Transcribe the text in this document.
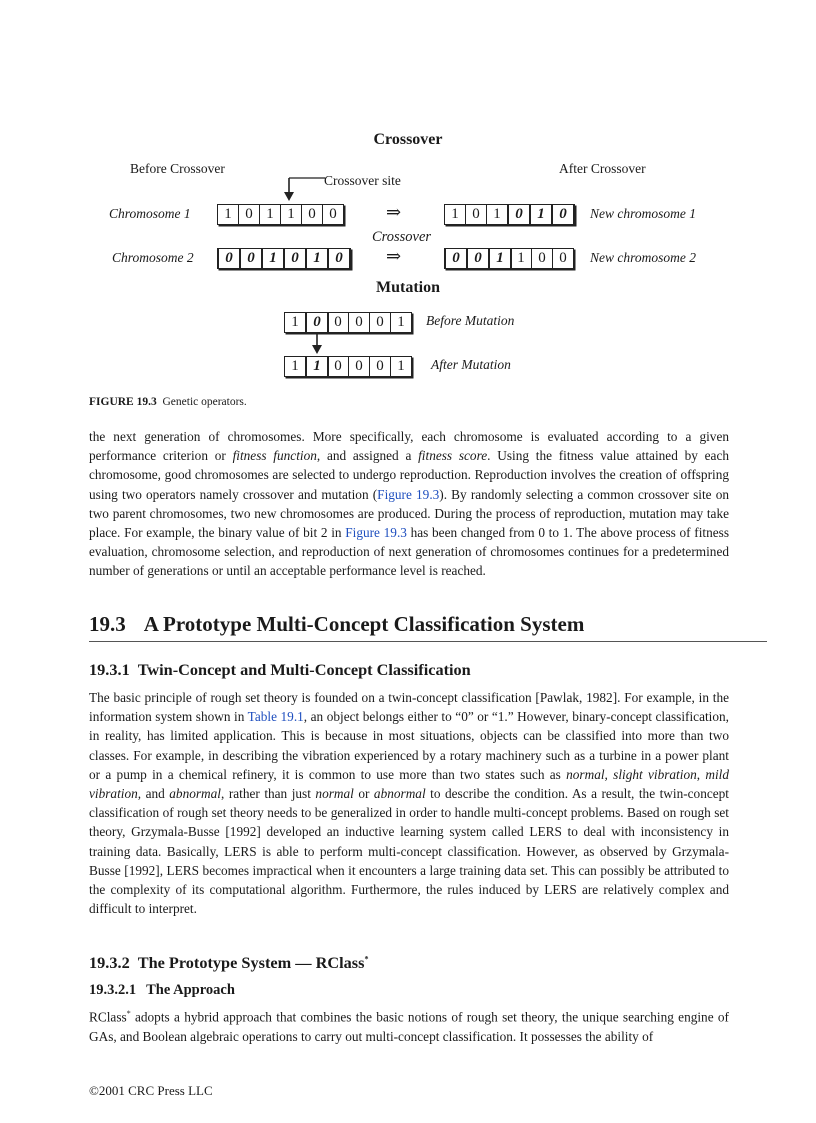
Crossover
Before Crossover	After Crossover
Crossover site
Chromosome 1	1 0 1 1 0 0	⇒	1 0 1 0 1 0	New chromosome 1
Crossover
Chromosome 2	0 0 1 0 1 0	⇒	0 0 1 1 0 0	New chromosome 2
Mutation
1 0 0 0 0 1	Before Mutation
1 1 0 0 0 1	After Mutation
FIGURE 19.3 Genetic operators.
the next generation of chromosomes. More specifically, each chromosome is evaluated according to a given performance criterion or fitness function, and assigned a fitness score. Using the fitness value attained by each chromosome, good chromosomes are selected to undergo reproduction. Reproduction involves the creation of offspring using two operators namely crossover and mutation (Figure 19.3). By randomly selecting a common crossover site on two parent chromosomes, two new chromosomes are produced. During the process of reproduction, mutation may take place. For example, the binary value of bit 2 in Figure 19.3 has been changed from 0 to 1. The above process of fitness evaluation, chromosome selection, and reproduction of next generation of chromosomes continues for a predetermined number of generations or until an acceptable performance level is reached.
19.3 A Prototype Multi-Concept Classification System
19.3.1 Twin-Concept and Multi-Concept Classification
The basic principle of rough set theory is founded on a twin-concept classification [Pawlak, 1982]. For example, in the information system shown in Table 19.1, an object belongs either to “0” or “1.” However, binary-concept classification, in reality, has limited application. This is because in most situations, objects can be classified into more than two classes. For example, in describing the vibration experienced by a rotary machinery such as a turbine in a power plant or a pump in a chemical refinery, it is common to use more than two states such as normal, slight vibration, mild vibration, and abnormal, rather than just normal or abnormal to describe the condition. As a result, the twin-concept classification of rough set theory needs to be generalized in order to handle multi-concept problems. Based on rough set theory, Grzymala-Busse [1992] developed an inductive learning system called LERS to deal with inconsistency in training data. Basically, LERS is able to perform multi-concept classification. However, as observed by Grzymala-Busse [1992], LERS becomes impractical when it encounters a large training data set. This can possibly be attributed to the complexity of its computational algorithm. Furthermore, the rules induced by LERS are relatively complex and difficult to interpret.
19.3.2 The Prototype System — RClass*
19.3.2.1 The Approach
RClass* adopts a hybrid approach that combines the basic notions of rough set theory, the unique searching engine of GAs, and Boolean algebraic operations to carry out multi-concept classification. It possesses the ability of
©2001 CRC Press LLC
